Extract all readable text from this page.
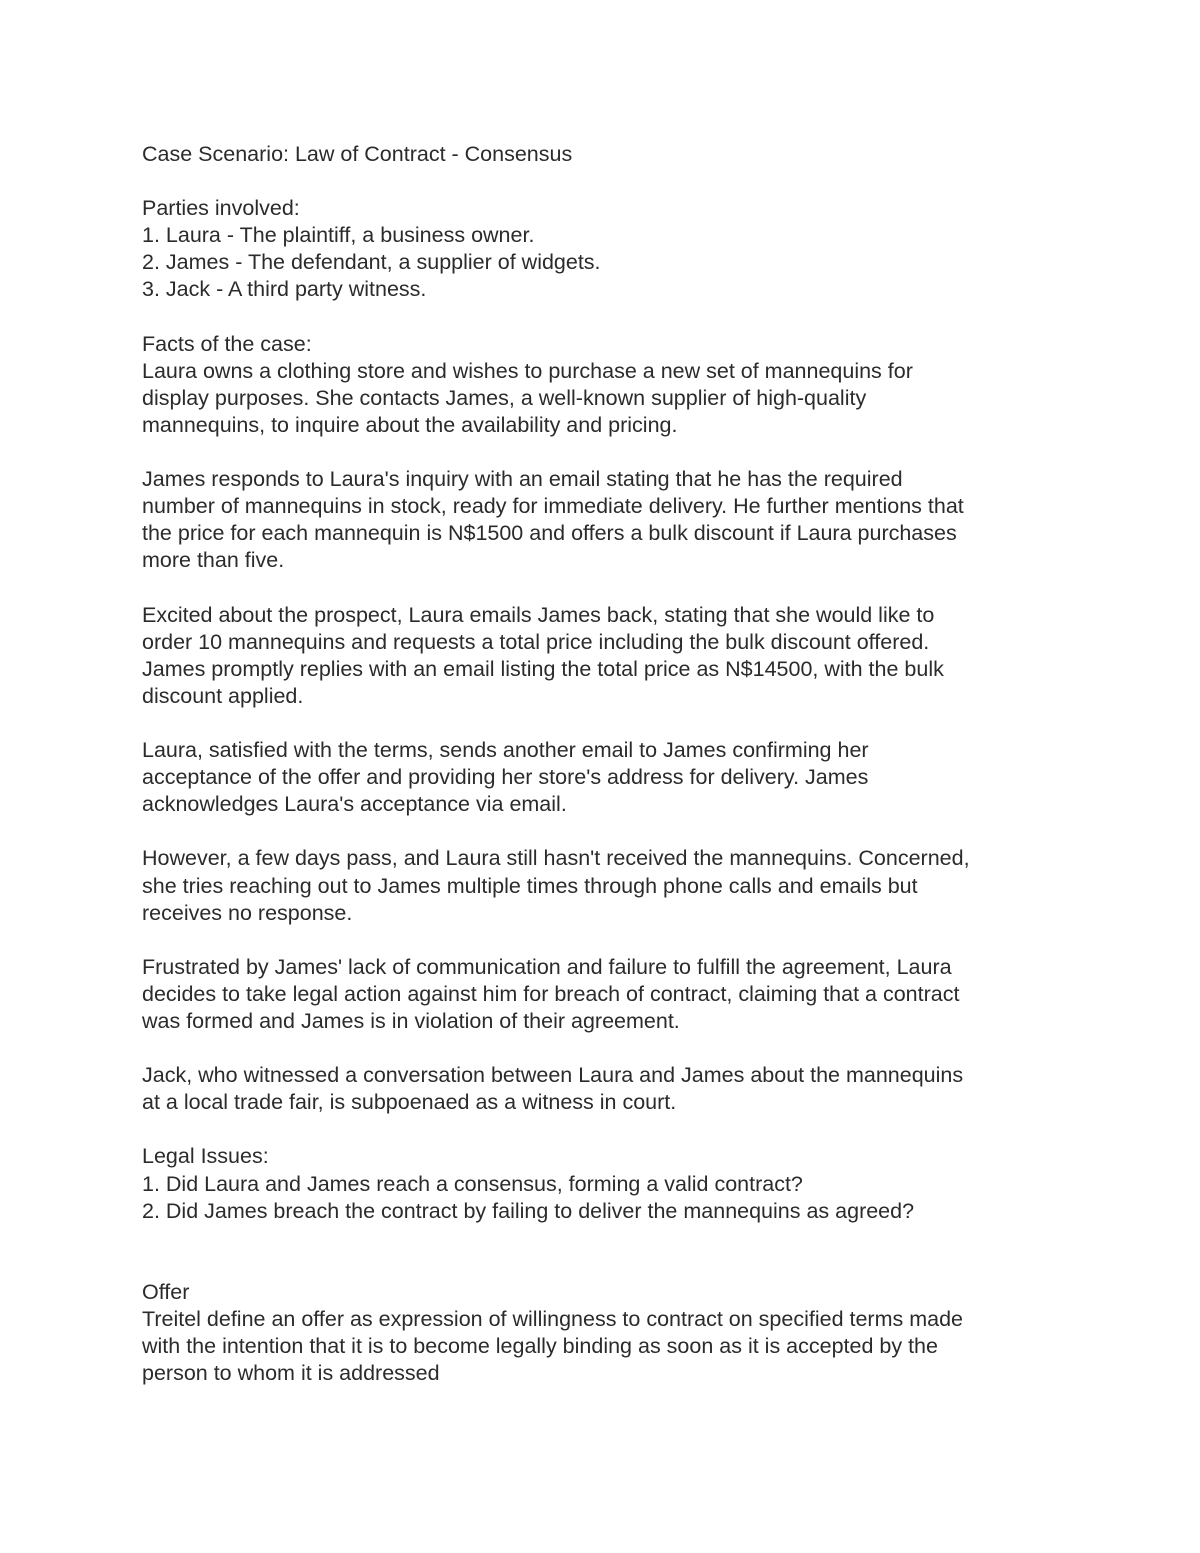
Case Scenario: Law of Contract - Consensus
Parties involved:
1. Laura - The plaintiff, a business owner.
2. James - The defendant, a supplier of widgets.
3. Jack - A third party witness.
Facts of the case:
Laura owns a clothing store and wishes to purchase a new set of mannequins for
display purposes. She contacts James, a well-known supplier of high-quality
mannequins, to inquire about the availability and pricing.
James responds to Laura's inquiry with an email stating that he has the required
number of mannequins in stock, ready for immediate delivery. He further mentions that
the price for each mannequin is N$1500 and offers a bulk discount if Laura purchases
more than five.
Excited about the prospect, Laura emails James back, stating that she would like to
order 10 mannequins and requests a total price including the bulk discount offered.
James promptly replies with an email listing the total price as N$14500, with the bulk
discount applied.
Laura, satisfied with the terms, sends another email to James confirming her
acceptance of the offer and providing her store's address for delivery. James
acknowledges Laura's acceptance via email.
However, a few days pass, and Laura still hasn't received the mannequins. Concerned,
she tries reaching out to James multiple times through phone calls and emails but
receives no response.
Frustrated by James' lack of communication and failure to fulfill the agreement, Laura
decides to take legal action against him for breach of contract, claiming that a contract
was formed and James is in violation of their agreement.
Jack, who witnessed a conversation between Laura and James about the mannequins
at a local trade fair, is subpoenaed as a witness in court.
Legal Issues:
1. Did Laura and James reach a consensus, forming a valid contract?
2. Did James breach the contract by failing to deliver the mannequins as agreed?
Offer
Treitel define an offer as expression of willingness to contract on specified terms made
with the intention that it is to become legally binding as soon as it is accepted by the
person to whom it is addressed
